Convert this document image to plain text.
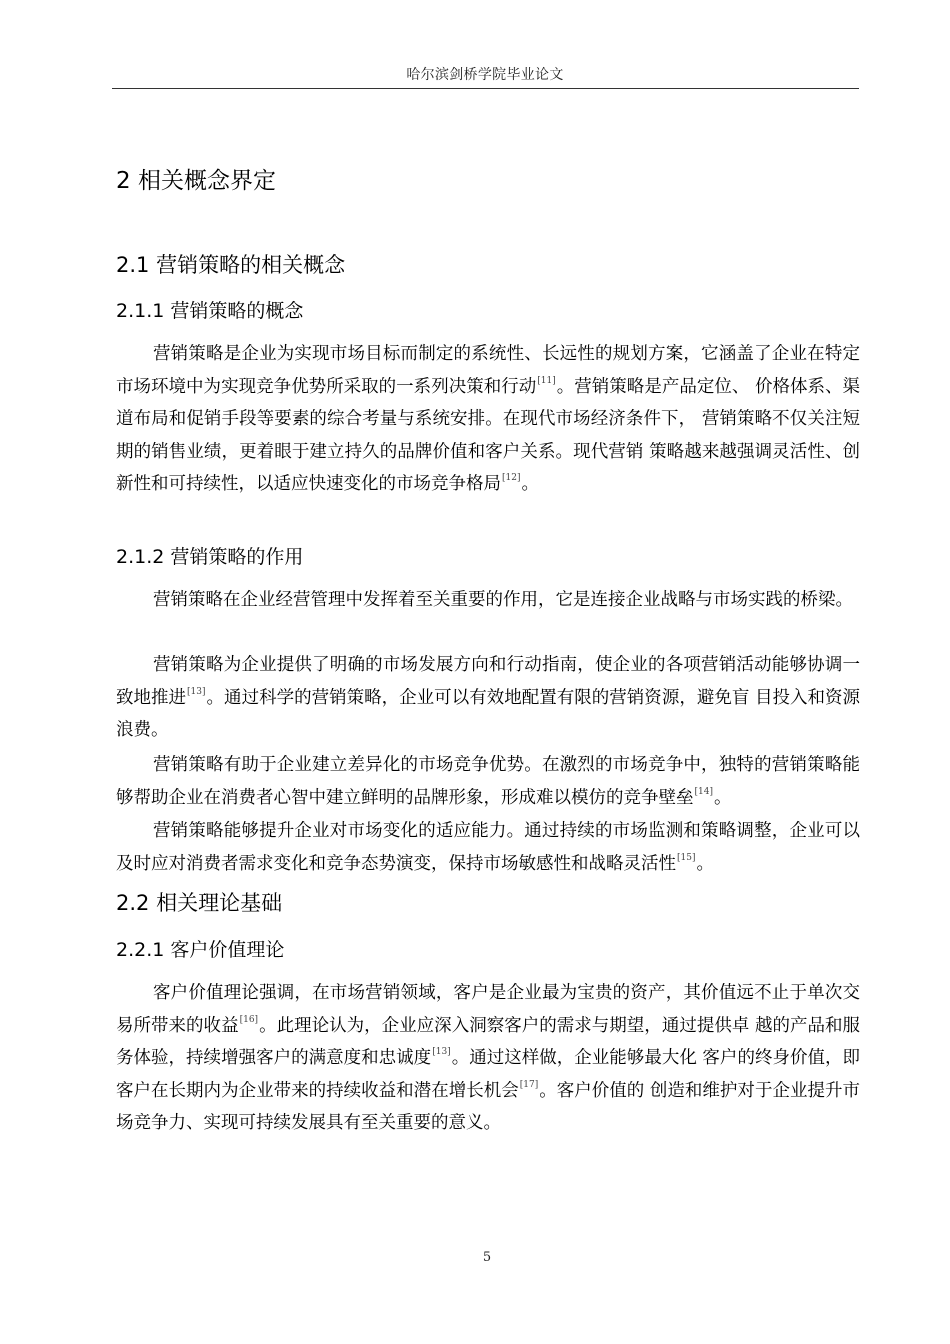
哈尔滨剑桥学院毕业论文
2 相关概念界定
2.1 营销策略的相关概念
2.1.1 营销策略的概念
营销策略是企业为实现市场目标而制定的系统性、长远性的规划方案，它涵盖了企业在特定市场环境中为实现竞争优势所采取的一系列决策和行动[11]。营销策略是产品定位、 价格体系、渠道布局和促销手段等要素的综合考量与系统安排。在现代市场经济条件下， 营销策略不仅关注短期的销售业绩，更着眼于建立持久的品牌价值和客户关系。现代营销 策略越来越强调灵活性、创新性和可持续性，以适应快速变化的市场竞争格局[12]。
2.1.2 营销策略的作用
营销策略在企业经营管理中发挥着至关重要的作用，它是连接企业战略与市场实践的桥梁。
营销策略为企业提供了明确的市场发展方向和行动指南，使企业的各项营销活动能够协调一致地推进[13]。通过科学的营销策略，企业可以有效地配置有限的营销资源，避免盲 目投入和资源浪费。
营销策略有助于企业建立差异化的市场竞争优势。在激烈的市场竞争中，独特的营销策略能够帮助企业在消费者心智中建立鲜明的品牌形象，形成难以模仿的竞争壁垒[14]。
营销策略能够提升企业对市场变化的适应能力。通过持续的市场监测和策略调整，企业可以及时应对消费者需求变化和竞争态势演变，保持市场敏感性和战略灵活性[15]。
2.2 相关理论基础
2.2.1 客户价值理论
客户价值理论强调，在市场营销领域，客户是企业最为宝贵的资产，其价值远不止于单次交易所带来的收益[16]。此理论认为，企业应深入洞察客户的需求与期望，通过提供卓 越的产品和服务体验，持续增强客户的满意度和忠诚度[13]。通过这样做，企业能够最大化 客户的终身价值，即客户在长期内为企业带来的持续收益和潜在增长机会[17]。客户价值的 创造和维护对于企业提升市场竞争力、实现可持续发展具有至关重要的意义。
5
